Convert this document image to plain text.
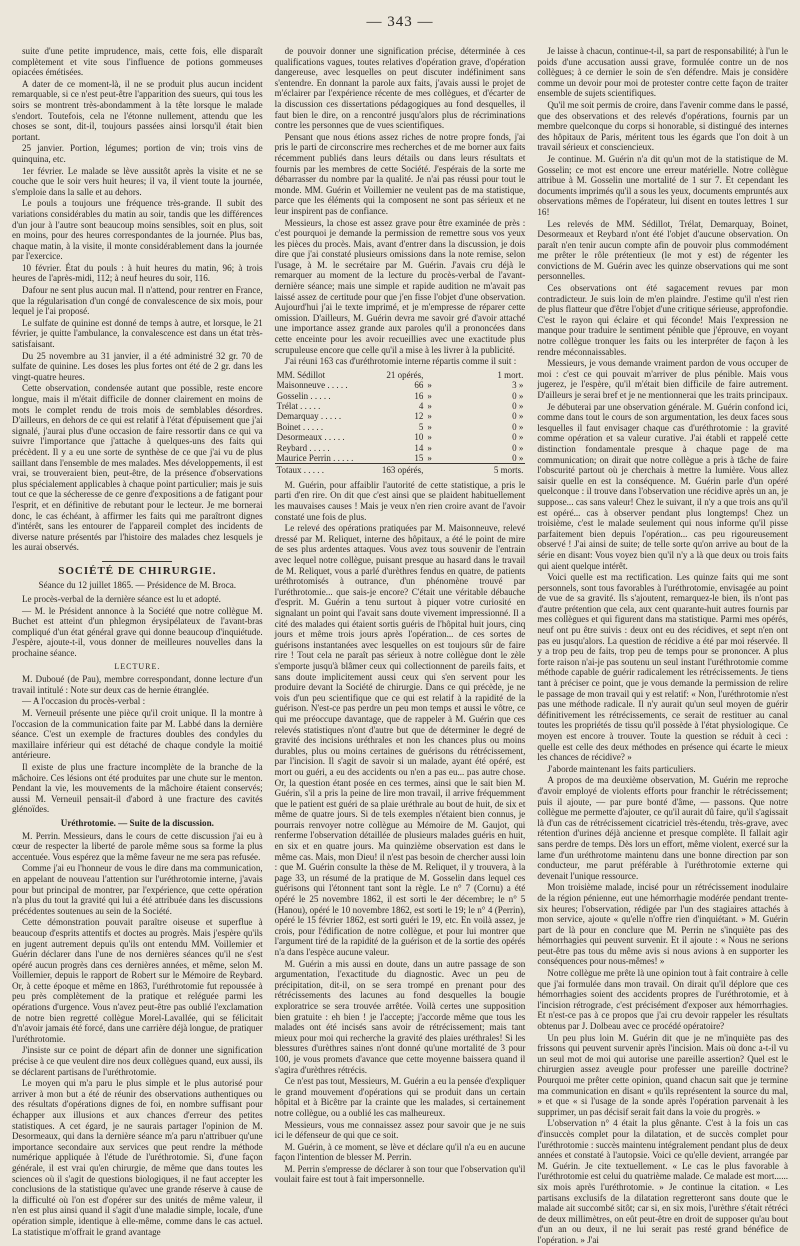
— 343 —

suite d'une petite imprudence, mais, cette fois, elle disparaît complètement et vite sous l'influence de potions gommeuses opiacées émétisées.

A dater de ce moment-là, il ne se produit plus aucun incident remarquable, si ce n'est peut-être l'apparition des sueurs, qui tous les soirs se montrent très-abondamment à la tête lorsque le malade s'endort. Toutefois, cela ne l'étonne nullement, attendu que les choses se sont, dit-il, toujours passées ainsi lorsqu'il était bien portant.

25 janvier. Portion, légumes; portion de vin; trois vins de quinquina, etc.

1er février. Le malade se lève aussitôt après la visite et ne se couche que le soir vers huit heures; il va, il vient toute la journée, s'emploie dans la salle et au dehors.

Le pouls a toujours une fréquence très-grande. Il subit des variations considérables du matin au soir, tandis que les différences d'un jour à l'autre sont beaucoup moins sensibles, soit en plus, soit en moins, pour des heures correspondantes de la journée. Plus bas, chaque matin, à la visite, il monte considérablement dans la journée par l'exercice.

10 février. État du pouls : à huit heures du matin, 96; à trois heures de l'après-midi, 112; à neuf heures du soir, 116.

Dafour ne sent plus aucun mal. Il n'attend, pour rentrer en France, que la régularisation d'un congé de convalescence de six mois, pour lequel je l'ai proposé.

Le sulfate de quinine est donné de temps à autre, et lorsque, le 21 février, je quitte l'ambulance, la convalescence est dans un état très-satisfaisant.

Du 25 novembre au 31 janvier, il a été administré 32 gr. 70 de sulfate de quinine. Les doses les plus fortes ont été de 2 gr. dans les vingt-quatre heures.

Cette observation, condensée autant que possible, reste encore longue, mais il m'était difficile de donner clairement en moins de mots le complet rendu de trois mois de semblables désordres. D'ailleurs, en dehors de ce qui est relatif à l'état d'épuisement que j'ai signalé, j'aurai plus d'une occasion de faire ressortir dans ce qui va suivre l'importance que j'attache à quelques-uns des faits qui précèdent. Il y a eu une sorte de synthèse de ce que j'ai vu de plus saillant dans l'ensemble de mes malades. Mes développements, il est vrai, se trouveraient bien, peut-être, de la présence d'observations plus spécialement applicables à chaque point particulier; mais je suis tout ce que la sécheresse de ce genre d'expositions a de fatigant pour l'esprit, et en définitive de rebutant pour le lecteur. Je me bornerai donc, le cas échéant, à affirmer les faits qui me paraîtront dignes d'intérêt, sans les entourer de l'appareil complet des incidents de diverse nature présentés par l'histoire des malades chez lesquels je les aurai observés.

SOCIÉTÉ DE CHIRURGIE.
Séance du 12 juillet 1865. — Présidence de M. Broca.

Le procès-verbal de la dernière séance est lu et adopté.

— M. le Président annonce à la Société que notre collègue M. Buchet est atteint d'un phlegmon érysipélateux de l'avant-bras compliqué d'un état général grave qui donne beaucoup d'inquiétude. J'espère, ajoute-t-il, vous donner de meilleures nouvelles dans la prochaine séance.

LECTURE.

M. Duboué (de Pau), membre correspondant, donne lecture d'un travail intitulé : Note sur deux cas de hernie étranglée.

— A l'occasion du procès-verbal :

M. Verneuil présente une pièce qu'il croit unique. Il la montre à l'occasion de la communication faite par M. Labbé dans la dernière séance. C'est un exemple de fractures doubles des condyles du maxillaire inférieur qui est détaché de chaque condyle la moitié antérieure.

Il existe de plus une fracture incomplète de la branche de la mâchoire. Ces lésions ont été produites par une chute sur le menton. Pendant la vie, les mouvements de la mâchoire étaient conservés; aussi M. Verneuil pensait-il d'abord à une fracture des cavités glénoïdes.

Uréthrotomie. — Suite de la discussion.

M. Perrin. Messieurs, dans le cours de cette discussion j'ai eu à cœur de respecter la liberté de parole même sous sa forme la plus accentuée. Vous espérez que la même faveur ne me sera pas refusée.

Comme j'ai eu l'honneur de vous le dire dans ma communication, en appelant de nouveau l'attention sur l'uréthrotomie interne, j'avais pour but principal de montrer, par l'expérience, que cette opération n'a plus du tout la gravité qui lui a été attribuée dans les discussions précédentes soutenues au sein de la Société.

Cette démonstration pouvait paraître oiseuse et superflue à beaucoup d'esprits attentifs et doctes au progrès. Mais j'espère qu'ils en jugent autrement depuis qu'ils ont entendu MM. Voillemier et Guérin déclarer dans l'une de nos dernières séances qu'il ne s'est opéré aucun progrès dans ces dernières années, et même, selon M. Voillemier, depuis le rapport de Robert sur le Mémoire de Reybard. Or, à cette époque et même en 1863, l'uréthrotomie fut repoussée à peu près complètement de la pratique et reléguée parmi les opérations d'urgence. Vous n'avez peut-être pas oublié l'exclamation de notre bien regretté collègue Morel-Lavallée, qui se félicitait d'n'avoir jamais été forcé, dans une carrière déjà longue, de pratiquer l'uréthrotomie.

J'insiste sur ce point de départ afin de donner une signification précise à ce que veulent dire nos deux collègues quand, eux aussi, ils se déclarent partisans de l'uréthrotomie.

Le moyen qui m'a paru le plus simple et le plus autorisé pour arriver à mon but a été de réunir des observations authentiques ou des résultats d'opérations dignes de foi, en nombre suffisant pour échapper aux illusions et aux chances d'erreur des petites statistiques. A cet égard, je ne saurais partager l'opinion de M. Desormeaux, qui dans la dernière séance m'a paru n'attribuer qu'une importance secondaire aux services que peut rendre la méthode numérique appliquée à l'étude de l'uréthrotomie. Si, d'une façon générale, il est vrai qu'en chirurgie, de même que dans toutes les sciences où il s'agit de questions biologiques, il ne faut accepter les conclusions de la statistique qu'avec une grande réserve à cause de la difficulté où l'on est d'opérer sur des unités de même valeur, il n'en est plus ainsi quand il s'agit d'une maladie simple, locale, d'une opération simple, identique à elle-même, comme dans le cas actuel. La statistique m'offrait le grand avantage

de pouvoir donner une signification précise, déterminée à ces qualifications vagues, toutes relatives d'opération grave, d'opération dangereuse, avec lesquelles on peut discuter indéfiniment sans s'entendre. En donnant la parole aux faits, j'avais aussi le projet de m'éclairer par l'expérience récente de mes collègues, et d'écarter de la discussion ces dissertations pédagogiques au fond desquelles, il faut bien le dire, on a rencontré jusqu'alors plus de récriminations contre les personnes que de vues scientifiques.

Pensant que nous étions assez riches de notre propre fonds, j'ai pris le parti de circonscrire mes recherches et de me borner aux faits récemment publiés dans leurs détails ou dans leurs résultats et fournis par les membres de cette Société. J'espérais de la sorte me débarrasser du nombre par la qualité. Je n'ai pas réussi pour tout le monde. MM. Guérin et Voillemier ne veulent pas de ma statistique, parce que les éléments qui la composent ne sont pas sérieux et ne leur inspirent pas de confiance.

Messieurs, la chose est assez grave pour être examinée de près : c'est pourquoi je demande la permission de remettre sous vos yeux les pièces du procès. Mais, avant d'entrer dans la discussion, je dois dire que j'ai constaté plusieurs omissions dans la note remise, selon l'usage, à M. le secrétaire par M. Guérin. J'avais cru déjà le remarquer au moment de la lecture du procès-verbal de l'avant-dernière séance; mais une simple et rapide audition ne m'avait pas laissé assez de certitude pour que j'en fisse l'objet d'une observation. Aujourd'hui j'ai le texte imprimé, et je m'empresse de réparer cette omission. D'ailleurs, M. Guérin devra me savoir gré d'avoir attaché une importance assez grande aux paroles qu'il a prononcées dans cette enceinte pour les avoir recueillies avec une exactitude plus scrupuleuse encore que celle qu'il a mise à les livrer à la publicité.

J'ai réuni 163 cas d'uréthrotomie interne répartis comme il suit :

MM. Sédillot	21 opérés,		1 mort.
Maisonneuve . . . . .	66	»	3 »
Gosselin . . . . .	16	»	0 »
Trélat . . . . .	4	»	0 »
Demarquay . . . . .	12	»	0 »
Boinet . . . . .	5	»	0 »
Desormeaux . . . . .	10	»	0 »
Reybard . . . . .	14	»	0 »
Maurice Perrin . . . . .	15	»	0 »
Totaux . . . . .	163 opérés,		5 morts.

M. Guérin, pour affaiblir l'autorité de cette statistique, a pris le parti d'en rire. On dit que c'est ainsi que se plaident habituellement les mauvaises causes ! Mais je veux n'en rien croire avant de l'avoir constaté une fois de plus.

Le relevé des opérations pratiquées par M. Maisonneuve, relevé dressé par M. Reliquet, interne des hôpitaux, a été le point de mire de ses plus ardentes attaques. Vous avez tous souvenir de l'entrain avec lequel notre collègue, puisant presque au hasard dans le travail de M. Reliquet, vous a parlé d'urèthres fendus en quatre, de patients uréthrotomisés à outrance, d'un phénomène trouvé par l'uréthrotomie... que sais-je encore? C'était une véritable débauche d'esprit. M. Guérin a tenu surtout à piquer votre curiosité en signalant un point qui l'avait sans doute vivement impressionné. Il a cité des malades qui étaient sortis guéris de l'hôpital huit jours, cinq jours et même trois jours après l'opération... de ces sortes de guérisons instantanées avec lesquelles on est toujours sûr de faire rire ! Tout cela ne paraît pas sérieux à notre collègue dont le zèle s'emporte jusqu'à blâmer ceux qui collectionnent de pareils faits, et sans doute implicitement aussi ceux qui s'en servent pour les produire devant la Société de chirurgie. Dans ce qui précède, je ne vois d'un peu scientifique que ce qui est relatif à la rapidité de la guérison. N'est-ce pas perdre un peu mon temps et aussi le vôtre, ce qui me préoccupe davantage, que de rappeler à M. Guérin que ces relevés statistiques n'ont d'autre but que de déterminer le degré de gravité des incisions uréthrales et non les chances plus ou moins durables, plus ou moins certaines de guérisons du rétrécissement, par l'incision. Il s'agit de savoir si un malade, ayant été opéré, est mort ou guéri, a eu des accidents ou n'en a pas eu... pas autre chose. Or, la question étant posée en ces termes, ainsi que le sait bien M. Guérin, s'il a pris la peine de lire mon travail, il arrive fréquemment que le patient est guéri de sa plaie uréthrale au bout de huit, de six et même de quatre jours. Si de tels exemples n'étaient bien connus, je pourrais renvoyer notre collègue au Mémoire de M. Gaujot, qui renferme l'observation détaillée de plusieurs malades guéris en huit, en six et en quatre jours. Ma quinzième observation est dans le même cas. Mais, mon Dieu! il n'est pas besoin de chercher aussi loin : que M. Guérin consulte la thèse de M. Reliquet, il y trouvera, à la page 33, un résumé de la pratique de M. Gosselin dans lequel ces guérisons qui l'étonnent tant sont la règle. Le n° 7 (Cornu) a été opéré le 25 novembre 1862, il est sorti le 4er décembre; le n° 5 (Hanou), opéré le 10 novembre 1862, est sorti le 19; le n° 4 (Perrin), opéré le 15 février 1862, est sorti guéri le 19, etc. En voilà assez, je crois, pour l'édification de notre collègue, et pour lui montrer que l'argument tiré de la rapidité de la guérison et de la sortie des opérés n'a dans l'espèce aucune valeur.

M. Guérin a mis aussi en doute, dans un autre passage de son argumentation, l'exactitude du diagnostic. Avec un peu de précipitation, dit-il, on se sera trompé en prenant pour des rétrécissements des lacunes au fond desquelles la bougie exploratrice se sera trouvée arrêtée. Voilà certes une supposition bien gratuite : eh bien ! je l'accepte; j'accorde même que tous les malades ont été incisés sans avoir de rétrécissement; mais tant mieux pour moi qui recherche la gravité des plaies uréthrales! Si les blessures d'urèthres saines n'ont donné qu'une mortalité de 3 pour 100, je vous promets d'avance que cette moyenne baissera quand il s'agira d'urèthres rétrécis.

Ce n'est pas tout, Messieurs, M. Guérin a eu la pensée d'expliquer le grand mouvement d'opérations qui se produit dans un certain hôpital et à Bicêtre par la crainte que les malades, si certainement notre collègue, ou a oublié les cas malheureux.

Messieurs, vous me connaissez assez pour savoir que je ne suis ici le défenseur de qui que ce soit.

M. Guérin, à ce moment, se lève et déclare qu'il n'a eu en aucune façon l'intention de blesser M. Perrin.

M. Perrin s'empresse de déclarer à son tour que l'observation qu'il voulait faire est tout à fait impersonnelle.

Je laisse à chacun, continue-t-il, sa part de responsabilité; à l'un le poids d'une accusation aussi grave, formulée contre un de nos collègues; à ce dernier le soin de s'en défendre. Mais je considère comme un devoir pour moi de protester contre cette façon de traiter ensemble de sujets scientifiques.

Qu'il me soit permis de croire, dans l'avenir comme dans le passé, que des observations et des relevés d'opérations, fournis par un membre quelconque du corps si honorable, si distingué des internes des hôpitaux de Paris, méritent tous les égards que l'on doit à un travail sérieux et consciencieux.

Je continue. M. Guérin n'a dit qu'un mot de la statistique de M. Gosselin; ce mot est encore une erreur matérielle. Notre collègue attribue à M. Gosselin une mortalité de 1 sur 7. Et cependant les documents imprimés qu'il a sous les yeux, documents empruntés aux observations mêmes de l'opérateur, lui disent en toutes lettres 1 sur 16!

Les relevés de MM. Sédillot, Trélat, Demarquay, Boinet, Desormeaux et Reybard n'ont été l'objet d'aucune observation. On paraît n'en tenir aucun compte afin de pouvoir plus commodément me prêter le rôle prétentieux (le mot y est) de régenter les convictions de M. Guérin avec les quinze observations qui me sont personnelles.

Ces observations ont été sagacement revues par mon contradicteur. Je suis loin de m'en plaindre. J'estime qu'il n'est rien de plus flatteur que d'être l'objet d'une critique sérieuse, approfondie. C'est le rayon qui éclaire et qui féconde! Mais l'expression ne manque pour traduire le sentiment pénible que j'éprouve, en voyant notre collègue tronquer les faits ou les interpréter de façon à les rendre méconnaissables.

Messieurs, je vous demande vraiment pardon de vous occuper de moi : c'est ce qui pouvait m'arriver de plus pénible. Mais vous jugerez, je l'espère, qu'il m'était bien difficile de faire autrement. D'ailleurs je serai bref et je ne mentionnerai que les traits principaux.

Je débuterai par une observation générale. M. Guérin confond ici, comme dans tout le cours de son argumentation, les deux faces sous lesquelles il faut envisager chaque cas d'uréthrotomie : la gravité comme opération et sa valeur curative. J'ai établi et rappelé cette distinction fondamentale presque à chaque page de ma communication; on dirait que notre collègue a pris à tâche de faire l'obscurité partout où je cherchais à mettre la lumière. Vous allez saisir quelle en est la conséquence. M. Guérin parle d'un opéré quelconque : il trouve dans l'observation une récidive après un an, je suppose... cas sans valeur! Chez le suivant, il n'y a que trois ans qu'il est opéré... cas à observer pendant plus longtemps! Chez un troisième, c'est le malade seulement qui nous informe qu'il pisse parfaitement bien depuis l'opération... cas peu rigoureusement observé ! J'ai ainsi de suite; de telle sorte qu'on arrive au bout de la série en disant: Vous voyez bien qu'il n'y a là que deux ou trois faits qui aient quelque intérêt.

Voici quelle est ma rectification. Les quinze faits qui me sont personnels, sont tous favorables à l'uréthrotomie, envisagée au point de vue de sa gravité. Ils s'ajoutent, remarquez-le bien, ils n'ont pas d'autre prétention que cela, aux cent quarante-huit autres fournis par mes collègues et qui figurent dans ma statistique. Parmi mes opérés, neuf ont pu être suivis : deux ont eu des récidives, et sept n'en ont pas eu jusqu'alors. La question de récidive a été par moi réservée. Il y a trop peu de faits, trop peu de temps pour se prononcer. A plus forte raison n'ai-je pas soutenu un seul instant l'uréthrotomie comme méthode capable de guérir radicalement les rétrécissements. Je tiens tant à préciser ce point, que je vous demande la permission de relire le passage de mon travail qui y est relatif: « Non, l'uréthrotomie n'est pas une méthode radicale. Il n'y aurait qu'un seul moyen de guérir définitivement les rétrécissements, ce serait de restituer au canal toutes les propriétés de tissu qu'il possède à l'état physiologique. Ce moyen est encore à trouver. Toute la question se réduit à ceci : quelle est celle des deux méthodes en présence qui écarte le mieux les chances de récidive? »

J'aborde maintenant les faits particuliers.

A propos de ma deuxième observation, M. Guérin me reproche d'avoir employé de violents efforts pour franchir le rétrécissement; puis il ajoute, — par pure bonté d'âme, — passons. Que notre collègue me permette d'ajouter, ce qu'il aurait dû faire, qu'il s'agissait là d'un cas de rétrécissement cicatriciel très-étendu, très-grave, avec rétention d'urines déjà ancienne et presque complète. Il fallait agir sans perdre de temps. Dès lors un effort, même violent, exercé sur la lame d'un uréthrotome maintenu dans une bonne direction par son conducteur, me parut préférable à l'uréthrotomie externe qui devenait l'unique ressource.

Mon troisième malade, incisé pour un rétrécissement inodulaire de la région pénienne, eut une hémorrhagie modérée pendant trente-six heures; l'observation, rédigée par l'un des stagiaires attachés à mon service, ajoute « qu'elle n'offre rien d'inquiétant. » M. Guérin part de là pour en conclure que M. Perrin ne s'inquiète pas des hémorrhagies qui peuvent survenir. Et il ajoute : « Nous ne serions peut-être pas tous du même avis si nous avions à en supporter les conséquences pour nous-mêmes! »

Notre collègue me prête là une opinion tout à fait contraire à celle que j'ai formulée dans mon travail. On dirait qu'il déplore que ces hémorrhagies soient des accidents propres de l'uréthrotomie, et à l'incision rétrograde, c'est précisément d'exposer aux hémorrhagies. Et n'est-ce pas à ce propos que j'ai cru devoir rappeler les résultats obtenus par J. Dolbeau avec ce procédé opératoire?

Un peu plus loin M. Guérin dit que je ne m'inquiète pas des frissons qui peuvent survenir après l'incision. Mais où donc a-t-il vu un seul mot de moi qui autorise une pareille assertion? Quel est le chirurgien assez aveugle pour professer une pareille doctrine? Pourquoi me prêter cette opinion, quand chacun sait que je termine ma communication en disant « qu'ils représentent la source du mal, » et que « si l'usage de la sonde après l'opération parvenait à les supprimer, un pas décisif serait fait dans la voie du progrès. »

L'observation n° 4 était la plus gênante. C'est à la fois un cas d'insuccès complet pour la dilatation, et de succès complet pour l'uréthrotomie : succès maintenu intégralement pendant plus de deux années et constaté à l'autopsie. Voici ce qu'elle devient, arrangée par M. Guérin. Je cite textuellement. « Le cas le plus favorable à l'uréthrotomie est celui du quatrième malade. Ce malade est mort...... six mois après l'uréthrotomie. » Je continue la citation. « Les partisans exclusifs de la dilatation regretteront sans doute que le malade ait succombé sitôt; car si, en six mois, l'urèthre s'était rétréci de deux millimètres, on eût peut-être en droit de supposer qu'au bout d'un an ou deux, il ne lui serait pas resté grand bénéfice de l'opération. » J'ai
